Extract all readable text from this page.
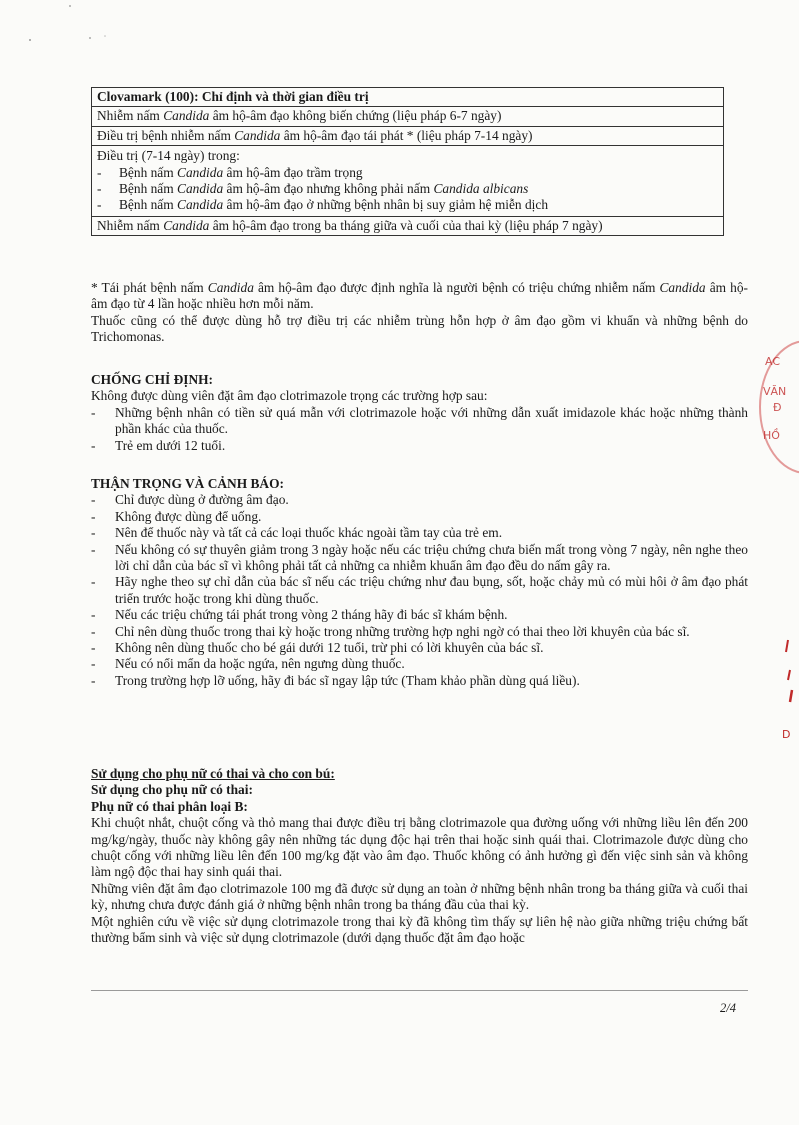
Clovamark (100): Chỉ định và thời gian điều trị
Nhiễm nấm Candida âm hộ-âm đạo không biến chứng (liệu pháp 6-7 ngày)
Điều trị bệnh nhiễm nấm Candida âm hộ-âm đạo tái phát * (liệu pháp 7-14 ngày)

Điều trị (7-14 ngày) trong:
-	Bệnh nấm Candida âm hộ-âm đạo trầm trọng
-	Bệnh nấm Candida âm hộ-âm đạo nhưng không phải nấm Candida albicans
-	Bệnh nấm Candida âm hộ-âm đạo ở những bệnh nhân bị suy giảm hệ miễn dịch

Nhiễm nấm Candida âm hộ-âm đạo trong ba tháng giữa và cuối của thai kỳ (liệu pháp 7 ngày)

* Tái phát bệnh nấm Candida âm hộ-âm đạo được định nghĩa là người bệnh có triệu chứng nhiễm nấm Candida âm hộ-âm đạo từ 4 lần hoặc nhiều hơn mỗi năm.

Thuốc cũng có thể được dùng hỗ trợ điều trị các nhiễm trùng hỗn hợp ở âm đạo gồm vi khuẩn và những bệnh do Trichomonas.

CHỐNG CHỈ ĐỊNH:

Không được dùng viên đặt âm đạo clotrimazole trọng các trường hợp sau:

-	Những bệnh nhân có tiền sử quá mẫn với clotrimazole hoặc với những dẫn xuất imidazole khác hoặc những thành phần khác của thuốc.
-	Trẻ em dưới 12 tuổi.

THẬN TRỌNG VÀ CẢNH BÁO:

-	Chỉ được dùng ở đường âm đạo.
-	Không được dùng để uống.
-	Nên để thuốc này và tất cả các loại thuốc khác ngoài tầm tay của trẻ em.
-	Nếu không có sự thuyên giảm trong 3 ngày hoặc nếu các triệu chứng chưa biến mất trong vòng 7 ngày, nên nghe theo lời chỉ dẫn của bác sĩ vì không phải tất cả những ca nhiễm khuẩn âm đạo đều do nấm gây ra.
-	Hãy nghe theo sự chỉ dẫn của bác sĩ nếu các triệu chứng như đau bụng, sốt, hoặc chảy mủ có mùi hôi ở âm đạo phát triển trước hoặc trong khi dùng thuốc.
-	Nếu các triệu chứng tái phát trong vòng 2 tháng hãy đi bác sĩ khám bệnh.
-	Chỉ nên dùng thuốc trong thai kỳ hoặc trong những trường hợp nghi ngờ có thai theo lời khuyên của bác sĩ.
-	Không nên dùng thuốc cho bé gái dưới 12 tuổi, trừ phi có lời khuyên của bác sĩ.
-	Nếu có nổi mẩn da hoặc ngứa, nên ngưng dùng thuốc.
-	Trong trường hợp lỡ uống, hãy đi bác sĩ ngay lập tức (Tham khảo phần dùng quá liều).

Sử dụng cho phụ nữ có thai và cho con bú:

Sử dụng cho phụ nữ có thai:

Phụ nữ có thai phân loại B:

Khi chuột nhắt, chuột cống và thỏ mang thai được điều trị bằng clotrimazole qua đường uống với những liều lên đến 200 mg/kg/ngày, thuốc này không gây nên những tác dụng độc hại trên thai hoặc sinh quái thai. Clotrimazole được dùng cho chuột cống với những liều lên đến 100 mg/kg đặt vào âm đạo. Thuốc không có ảnh hưởng gì đến việc sinh sản và không làm ngộ độc thai hay sinh quái thai.

Những viên đặt âm đạo clotrimazole 100 mg đã được sử dụng an toàn ở những bệnh nhân trong ba tháng giữa và cuối thai kỳ, nhưng chưa được đánh giá ở những bệnh nhân trong ba tháng đầu của thai kỳ.

Một nghiên cứu về việc sử dụng clotrimazole trong thai kỳ đã không tìm thấy sự liên hệ nào giữa những triệu chứng bất thường bẩm sinh và việc sử dụng clotrimazole (dưới dạng thuốc đặt âm đạo hoặc

2/4
AC
VĂN
Đ
HỒ
D
